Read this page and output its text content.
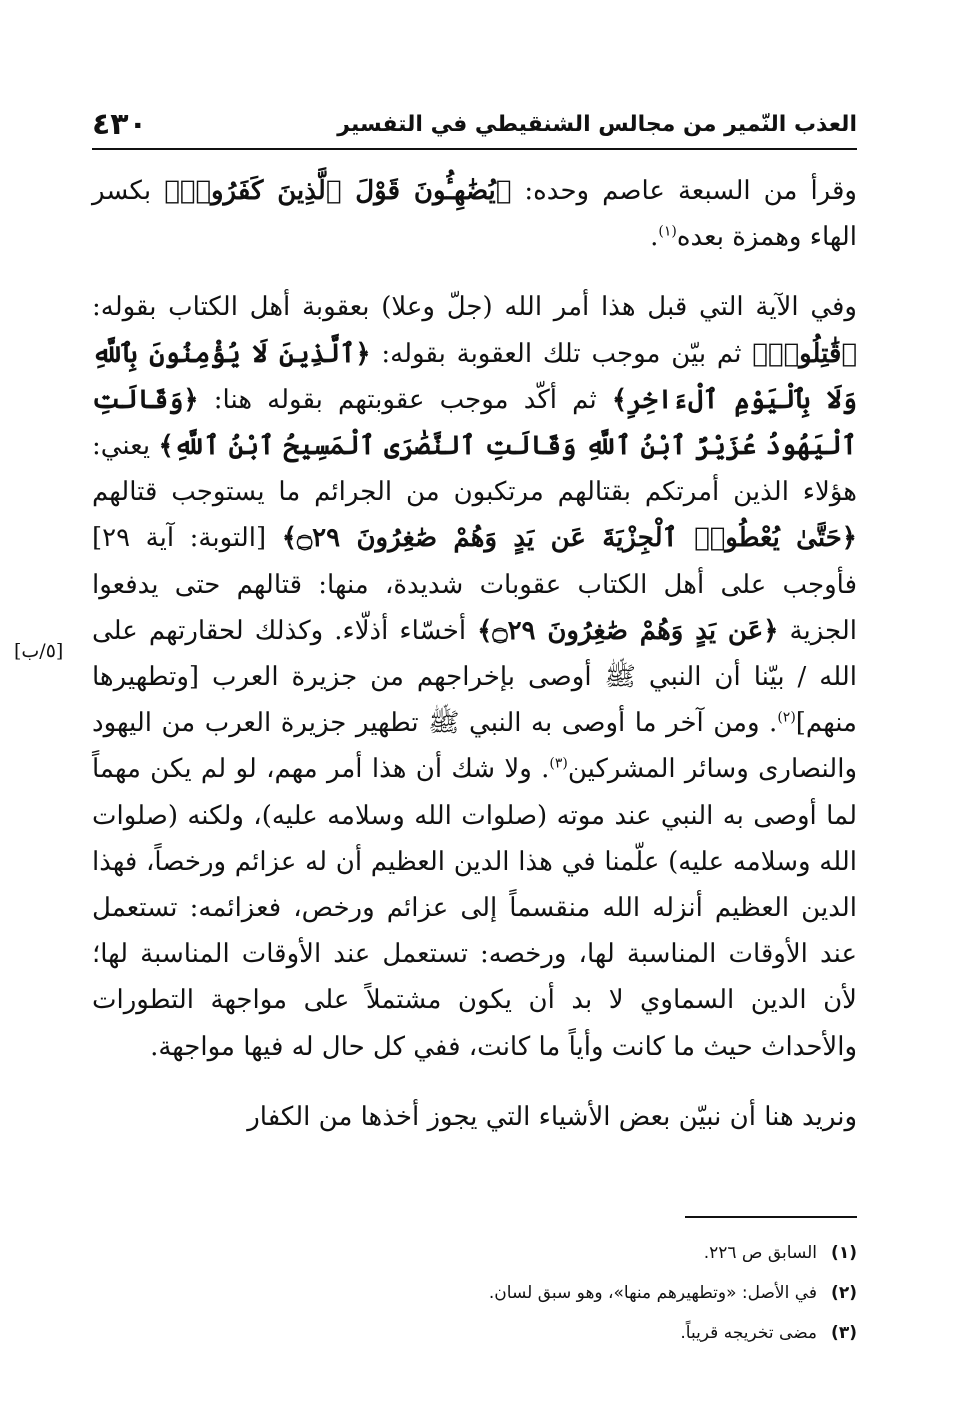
العذب النّمير من مجالس الشنقيطي في التفسير
٤٣٠
[٥/ب]

وقرأ من السبعة عاصم وحده: ﴿يُضَٰهِـُٔونَ قَوْلَ ٱلَّذِينَ كَفَرُوا۟﴾ بكسر الهاء وهمزة بعده$^{(١)}$.

وفي الآية التي قبل هذا أمر الله (جلّ وعلا) بعقوبة أهل الكتاب بقوله: ﴿قَٰتِلُوا۟﴾ ثم بيّن موجب تلك العقوبة بقوله: ﴿ٱلَّذِينَ لَا يُؤْمِنُونَ بِٱللَّهِ وَلَا بِٱلْيَوْمِ ٱلْءَاخِرِ﴾ ثم أكّد موجب عقوبتهم بقوله هنا: ﴿وَقَالَتِ ٱلْيَهُودُ عُزَيْرٌ ٱبْنُ ٱللَّهِ وَقَالَتِ ٱلنَّصَٰرَى ٱلْمَسِيحُ ٱبْنُ ٱللَّهِ﴾ يعني: هؤلاء الذين أمرتكم بقتالهم مرتكبون من الجرائم ما يستوجب قتالهم ﴿حَتَّىٰ يُعْطُوا۟ ٱلْجِزْيَةَ عَن يَدٍ وَهُمْ صَٰغِرُونَ ۝٢٩﴾ [التوبة: آية ٢٩] فأوجب على أهل الكتاب عقوبات شديدة، منها: قتالهم حتى يدفعوا الجزية ﴿عَن يَدٍ وَهُمْ صَٰغِرُونَ ۝٢٩﴾ أخسّاء أذلّاء. وكذلك لحقارتهم على الله / بيّنا أن النبي ﷺ أوصى بإخراجهم من جزيرة العرب [وتطهيرها منهم]$^{(٢)}$. ومن آخر ما أوصى به النبي ﷺ تطهير جزيرة العرب من اليهود والنصارى وسائر المشركين$^{(٣)}$. ولا شك أن هذا أمر مهم، لو لم يكن مهماً لما أوصى به النبي عند موته (صلوات الله وسلامه عليه)، ولكنه (صلوات الله وسلامه عليه) علّمنا في هذا الدين العظيم أن له عزائم ورخصاً، فهذا الدين العظيم أنزله الله منقسماً إلى عزائم ورخص، فعزائمه: تستعمل عند الأوقات المناسبة لها، ورخصه: تستعمل عند الأوقات المناسبة لها؛ لأن الدين السماوي لا بد أن يكون مشتملاً على مواجهة التطورات والأحداث حيث ما كانت وأياً ما كانت، ففي كل حال له فيها مواجهة.

ونريد هنا أن نبيّن بعض الأشياء التي يجوز أخذها من الكفار

(١)السابق ص ٢٢٦.
(٢)في الأصل: «وتطهيرهم منها»، وهو سبق لسان.
(٣)مضى تخريجه قريباً.
